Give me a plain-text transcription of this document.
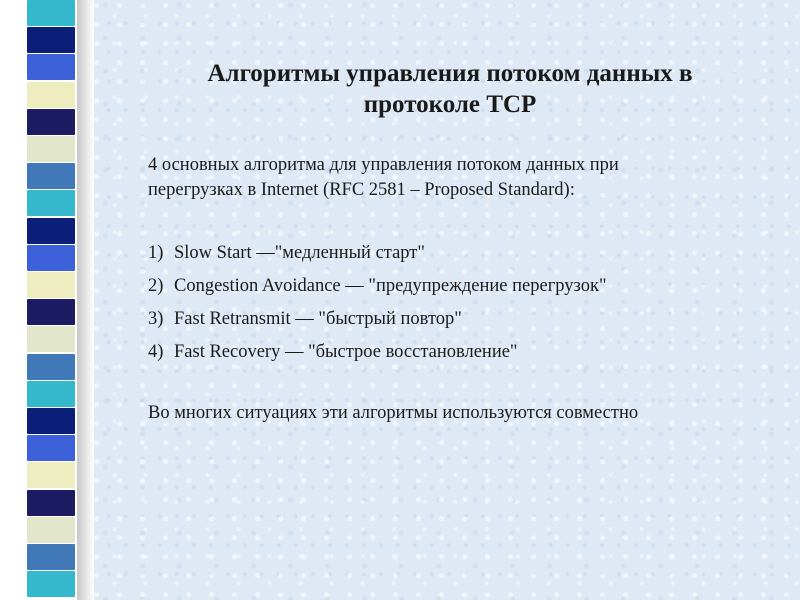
Алгоритмы управления потоком данных в
протоколе TCP
4 основных алгоритма для управления потоком данных при
перегрузках в Internet (RFC 2581 – Proposed Standard):
1) Slow Start —"медленный старт"
2) Congestion Avoidance — "предупреждение перегрузок"
3) Fast Retransmit — "быстрый повтор"
4) Fast Recovery — "быстрое восстановление"
Во многих ситуациях эти алгоритмы используются совместно
